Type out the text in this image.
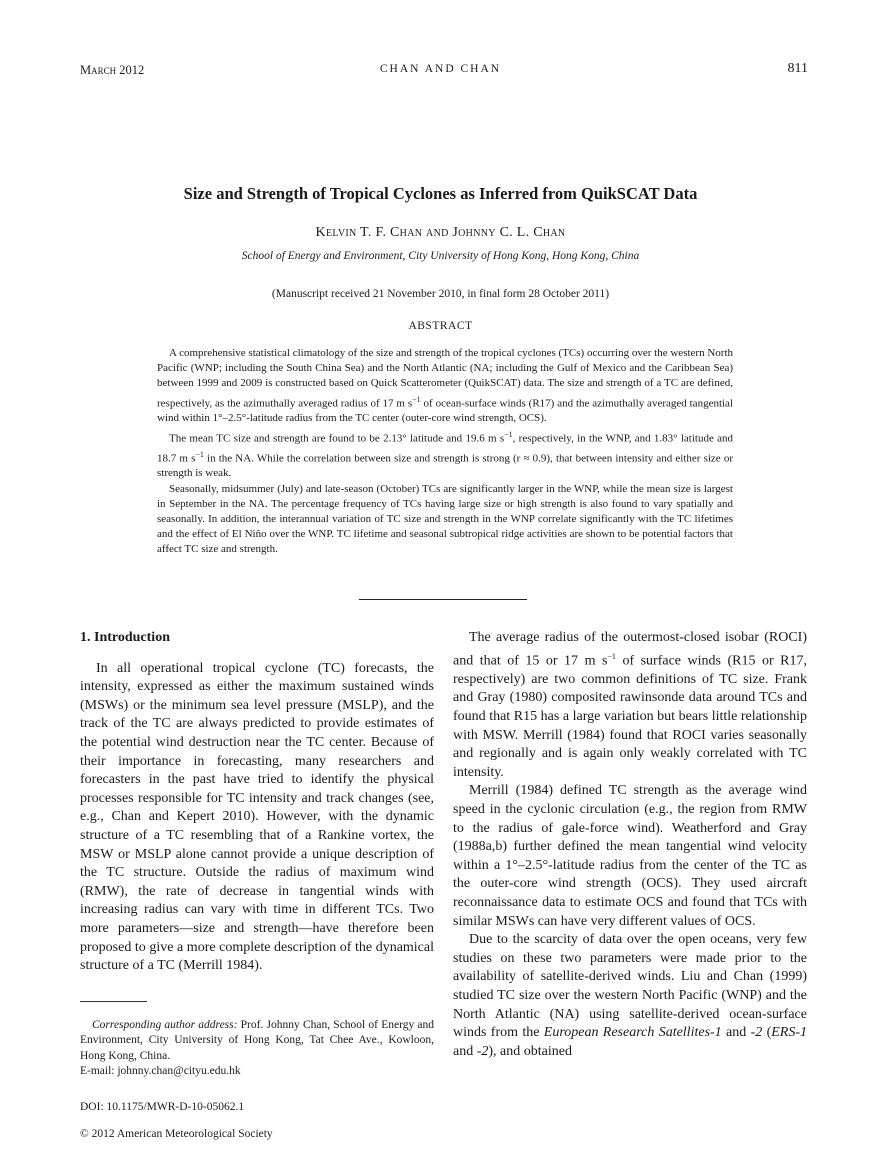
March 2012	CHAN AND CHAN	811
Size and Strength of Tropical Cyclones as Inferred from QuikSCAT Data
Kelvin T. F. Chan and Johnny C. L. Chan
School of Energy and Environment, City University of Hong Kong, Hong Kong, China
(Manuscript received 21 November 2010, in final form 28 October 2011)
ABSTRACT

A comprehensive statistical climatology of the size and strength of the tropical cyclones (TCs) occurring over the western North Pacific (WNP; including the South China Sea) and the North Atlantic (NA; including the Gulf of Mexico and the Caribbean Sea) between 1999 and 2009 is constructed based on Quick Scatterometer (QuikSCAT) data. The size and strength of a TC are defined, respectively, as the azimuthally averaged radius of 17 m $s^{-1}$ of ocean-surface winds (R17) and the azimuthally averaged tangential wind within 1°–2.5°-latitude radius from the TC center (outer-core wind strength, OCS).

The mean TC size and strength are found to be 2.13° latitude and 19.6 m $s^{-1}$, respectively, in the WNP, and 1.83° latitude and 18.7 m $s^{-1}$ in the NA. While the correlation between size and strength is strong (r ≈ 0.9), that between intensity and either size or strength is weak.

Seasonally, midsummer (July) and late-season (October) TCs are significantly larger in the WNP, while the mean size is largest in September in the NA. The percentage frequency of TCs having large size or high strength is also found to vary spatially and seasonally. In addition, the interannual variation of TC size and strength in the WNP correlate significantly with the TC lifetimes and the effect of El Niño over the WNP. TC lifetime and seasonal subtropical ridge activities are shown to be potential factors that affect TC size and strength.

1. Introduction

In all operational tropical cyclone (TC) forecasts, the intensity, expressed as either the maximum sustained winds (MSWs) or the minimum sea level pressure (MSLP), and the track of the TC are always predicted to provide estimates of the potential wind destruction near the TC center. Because of their importance in forecasting, many researchers and forecasters in the past have tried to identify the physical processes responsible for TC intensity and track changes (see, e.g., Chan and Kepert 2010). However, with the dynamic structure of a TC resembling that of a Rankine vortex, the MSW or MSLP alone cannot provide a unique description of the TC structure. Outside the radius of maximum wind (RMW), the rate of decrease in tangential winds with increasing radius can vary with time in different TCs. Two more parameters—size and strength—have therefore been proposed to give a more complete description of the dynamical structure of a TC (Merrill 1984).

The average radius of the outermost-closed isobar (ROCI) and that of 15 or 17 m $s^{-1}$ of surface winds (R15 or R17, respectively) are two common definitions of TC size. Frank and Gray (1980) composited rawinsonde data around TCs and found that R15 has a large variation but bears little relationship with MSW. Merrill (1984) found that ROCI varies seasonally and regionally and is again only weakly correlated with TC intensity.

Merrill (1984) defined TC strength as the average wind speed in the cyclonic circulation (e.g., the region from RMW to the radius of gale-force wind). Weatherford and Gray (1988a,b) further defined the mean tangential wind velocity within a 1°–2.5°-latitude radius from the center of the TC as the outer-core wind strength (OCS). They used aircraft reconnaissance data to estimate OCS and found that TCs with similar MSWs can have very different values of OCS.

Due to the scarcity of data over the open oceans, very few studies on these two parameters were made prior to the availability of satellite-derived winds. Liu and Chan (1999) studied TC size over the western North Pacific (WNP) and the North Atlantic (NA) using satellite-derived ocean-surface winds from the European Research Satellites-1 and -2 (ERS-1 and -2), and obtained

Corresponding author address: Prof. Johnny Chan, School of Energy and Environment, City University of Hong Kong, Tat Chee Ave., Kowloon, Hong Kong, China.

E-mail: johnny.chan@cityu.edu.hk
DOI: 10.1175/MWR-D-10-05062.1
© 2012 American Meteorological Society
